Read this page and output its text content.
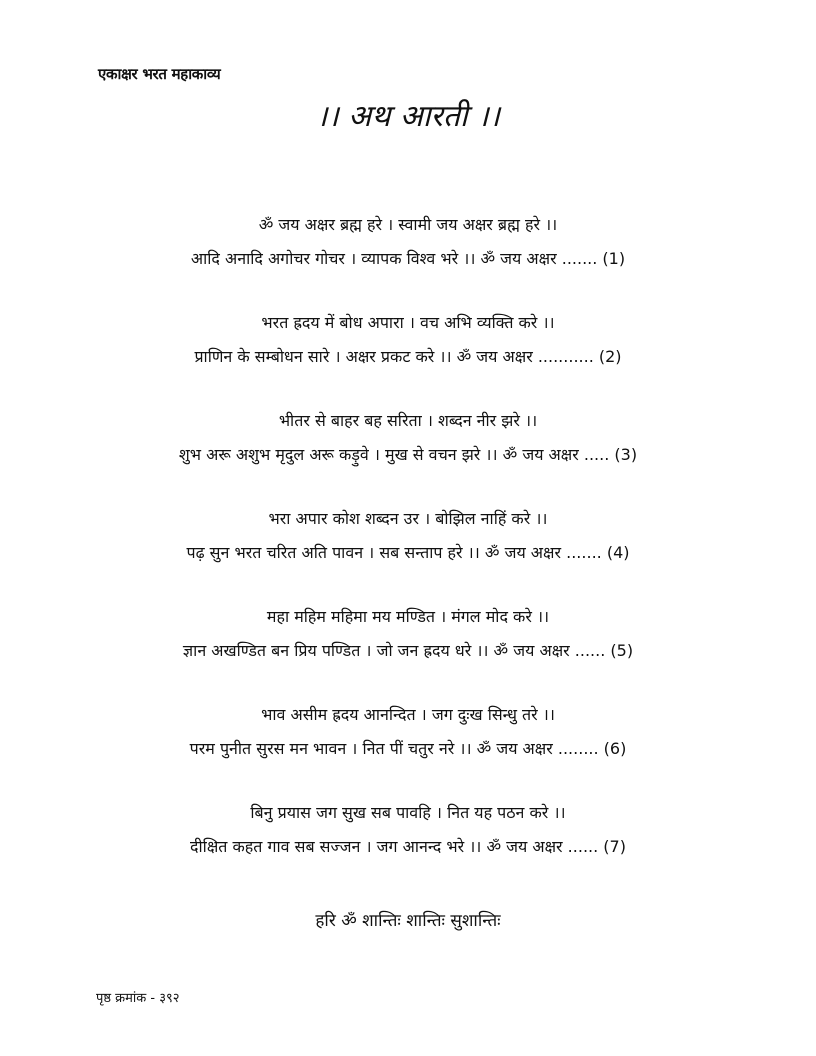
एकाक्षर भरत महाकाव्य
।। अथ आरती ।।
ॐ जय अक्षर ब्रह्म हरे । स्वामी जय अक्षर ब्रह्म हरे ।।
आदि अनादि अगोचर गोचर । व्यापक विश्व भरे ।। ॐ जय अक्षर ....... (1)
भरत ह्रदय में बोध अपारा । वच अभि व्यक्ति करे ।।
प्राणिन के सम्बोधन सारे । अक्षर प्रकट करे ।। ॐ जय अक्षर ........... (2)
भीतर से बाहर बह सरिता । शब्दन नीर झरे ।।
शुभ अरू अशुभ मृदुल अरू कड़ुवे । मुख से वचन झरे ।। ॐ जय अक्षर ..... (3)
भरा अपार कोश शब्दन उर । बोझिल नाहिं करे ।।
पढ़ सुन भरत चरित अति पावन । सब सन्ताप हरे ।। ॐ जय अक्षर ....... (4)
महा महिम महिमा मय मण्डित । मंगल मोद करे ।।
ज्ञान अखण्डित बन प्रिय पण्डित । जो जन ह्रदय धरे ।। ॐ जय अक्षर ...... (5)
भाव असीम ह्रदय आनन्दित । जग दुःख सिन्धु तरे ।।
परम पुनीत सुरस मन भावन । नित पीं चतुर नरे ।। ॐ जय अक्षर ........ (6)
बिनु प्रयास जग सुख सब पावहि । नित यह पठन करे ।।
दीक्षित कहत गाव सब सज्जन । जग आनन्द भरे ।। ॐ जय अक्षर ...... (7)
हरि ॐ शान्तिः शान्तिः सुशान्तिः
पृष्ठ क्रमांक - ३९२
